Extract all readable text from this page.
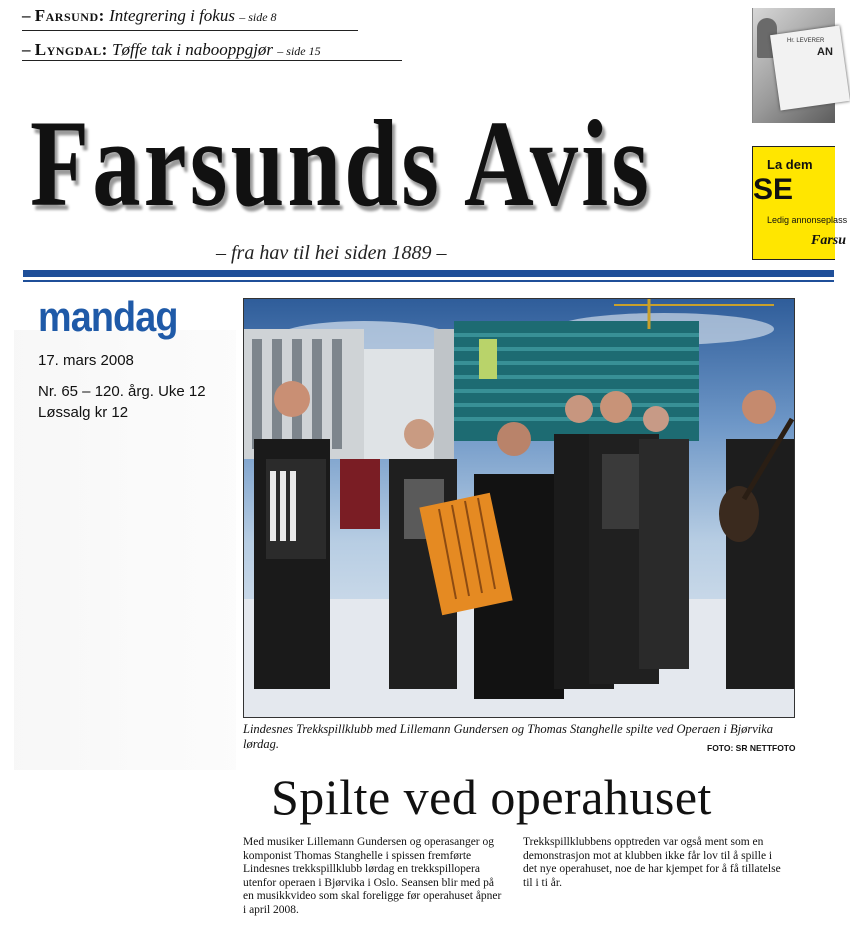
– Farsund: Integrering i fokus – side 8
– Lyngdal: Tøffe tak i nabooppgjør – side 15
Hr. LEVERER
AN
La dem
SE
Ledig annonseplass
Farsu
Farsunds Avis
– fra hav til hei siden 1889 –
mandag
17. mars 2008
Nr. 65 – 120. årg. Uke 12
Løssalg kr 12
Lindesnes Trekkspillklubb med Lillemann Gundersen og Thomas Stanghelle spilte ved Operaen i Bjørvika lørdag.	FOTO: SR NETTFOTO
Spilte ved operahuset
Med musiker Lillemann Gundersen og operasanger og komponist Thomas Stanghelle i spissen fremførte Lindesnes trekkspillklubb lørdag en trekkspillopera utenfor operaen i Bjørvika i Oslo. Seansen blir med på en musikkvideo som skal foreligge før operahuset åpner i april 2008.
Trekkspillklubbens opptreden var også ment som en demonstrasjon mot at klubben ikke får lov til å spille i det nye operahuset, noe de har kjempet for å få tillatelse til i ti år.
